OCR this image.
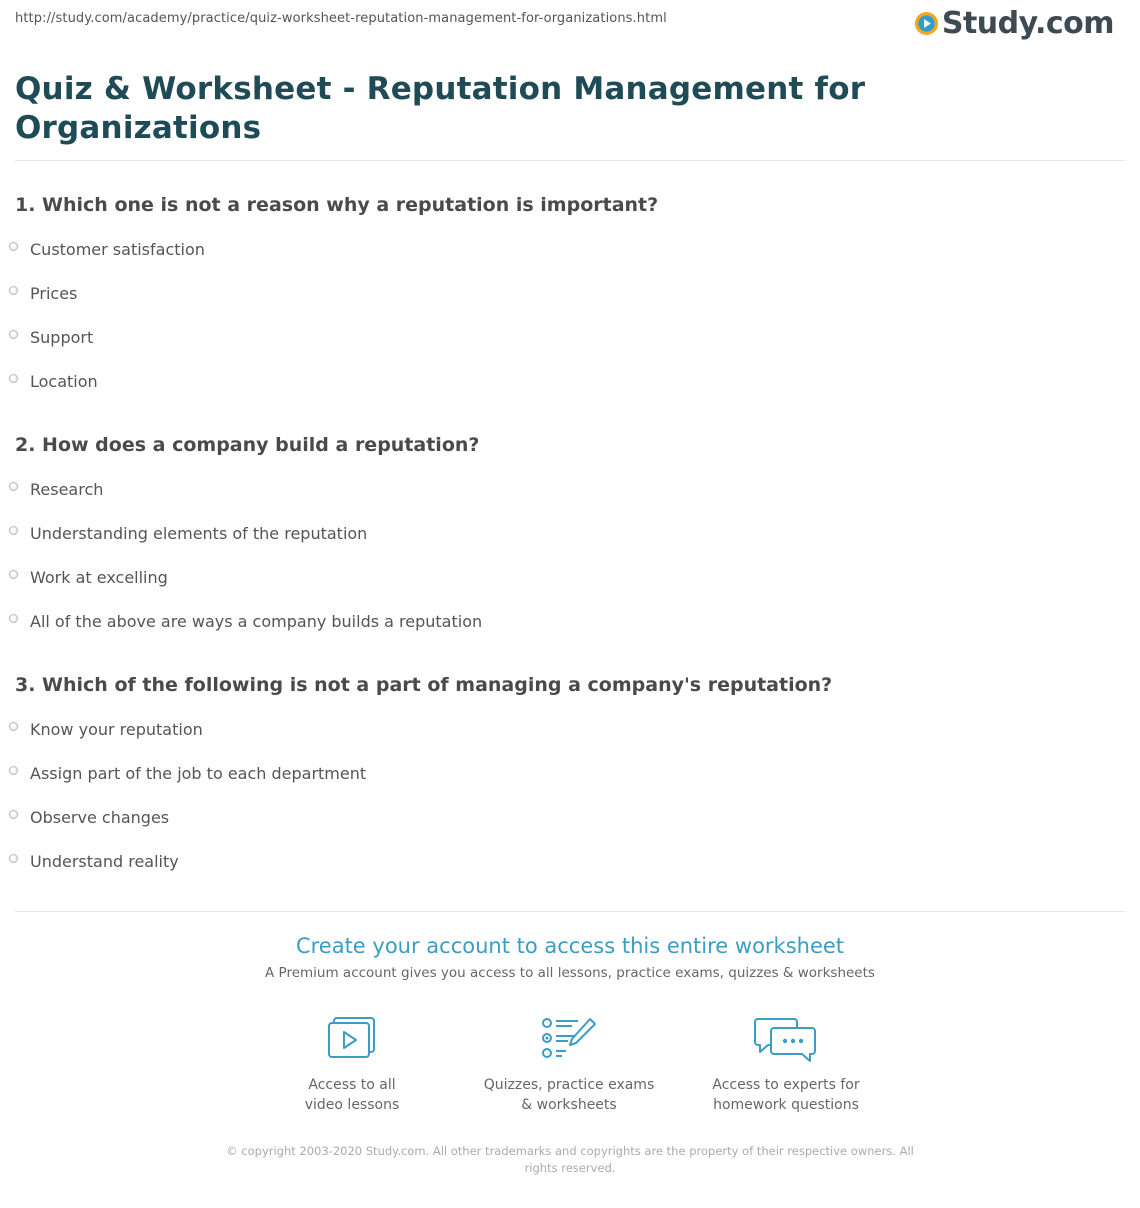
http://study.com/academy/practice/quiz-worksheet-reputation-management-for-organizations.html	Study.com
Quiz & Worksheet - Reputation Management for Organizations

1. Which one is not a reason why a reputation is important?

Customer satisfaction
Prices
Support
Location

2. How does a company build a reputation?

Research
Understanding elements of the reputation
Work at excelling
All of the above are ways a company builds a reputation

3. Which of the following is not a part of managing a company's reputation?

Know your reputation
Assign part of the job to each department
Observe changes
Understand reality
Create your account to access this entire worksheet
A Premium account gives you access to all lessons, practice exams, quizzes & worksheets
Access to all
video lessons
Quizzes, practice exams
& worksheets
Access to experts for
homework questions
© copyright 2003-2020 Study.com. All other trademarks and copyrights are the property of their respective owners. All rights reserved.
